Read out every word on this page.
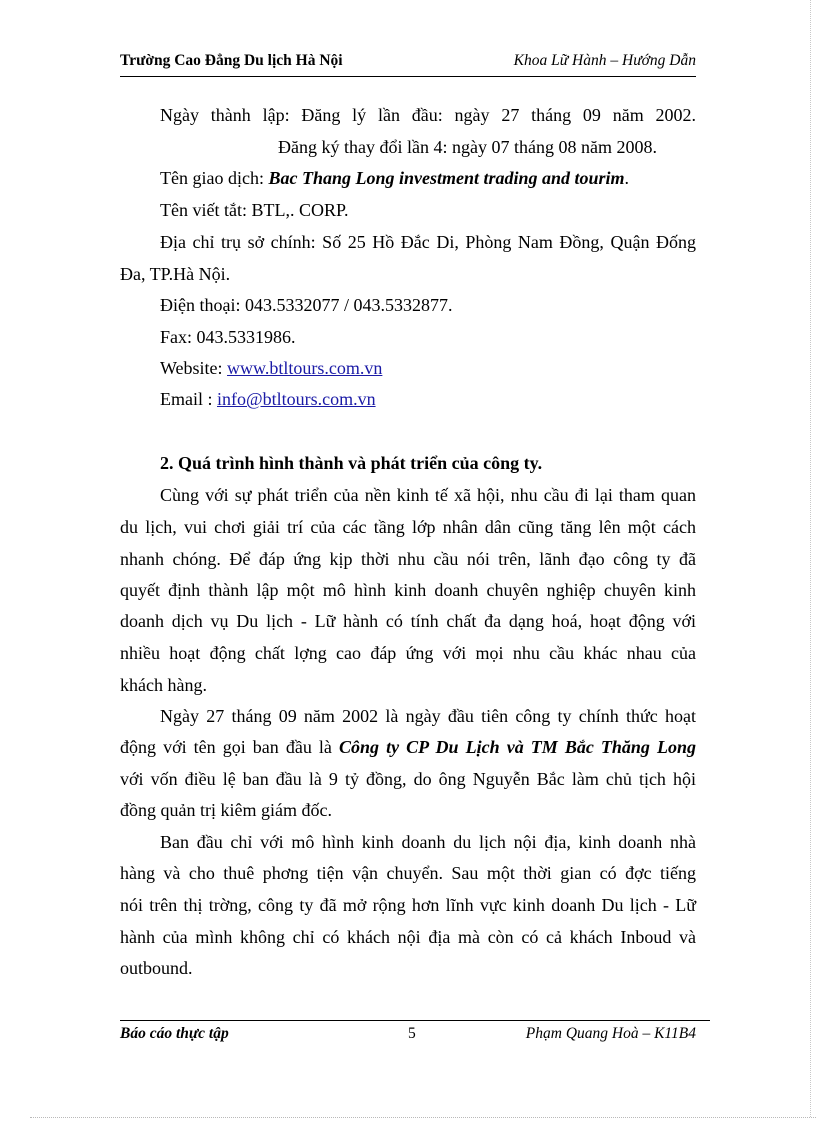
Trường Cao Đẳng Du lịch Hà Nội	Khoa Lữ Hành – Hướng Dẫn
Ngày thành lập: Đăng lý lần đầu: ngày 27 tháng 09 năm 2002.
Đăng ký thay đổi lần 4: ngày 07 tháng 08 năm 2008.
Tên giao dịch: Bac Thang Long investment trading and tourim.
Tên viết tắt: BTL,. CORP.
Địa chỉ trụ sở chính: Số 25 Hồ Đắc Di, Phòng Nam Đồng, Quận Đống
Đa, TP.Hà Nội.
Điện thoại: 043.5332077 / 043.5332877.
Fax: 043.5331986.
Website: www.btltours.com.vn
Email : info@btltours.com.vn
2. Quá trình hình thành và phát triển của công ty.
Cùng với sự phát triển của nền kinh tế xã hội, nhu cầu đi lại tham quan
du lịch, vui chơi giải trí của các tầng lớp nhân dân cũng tăng lên một cách
nhanh chóng. Để đáp ứng kịp thời nhu cầu nói trên, lãnh đạo công ty đã
quyết định thành lập một mô hình kinh doanh chuyên nghiệp chuyên kinh
doanh dịch vụ Du lịch - Lữ hành có tính chất đa dạng hoá, hoạt động với
nhiều hoạt động chất lợng cao đáp ứng với mọi nhu cầu khác nhau của
khách hàng.
Ngày 27 tháng 09 năm 2002 là ngày đầu tiên công ty chính thức hoạt
động với tên gọi ban đầu là Công ty CP Du Lịch và TM Bắc Thăng Long
với vốn điều lệ ban đầu là 9 tỷ đồng, do ông Nguyễn Bắc làm chủ tịch hội
đồng quản trị kiêm giám đốc.
Ban đầu chỉ với mô hình kinh doanh du lịch nội địa, kinh doanh nhà
hàng và cho thuê phơng tiện vận chuyển. Sau một thời gian có đợc tiếng
nói trên thị trờng, công ty đã mở rộng hơn lĩnh vực kinh doanh Du lịch - Lữ
hành của mình không chỉ có khách nội địa mà còn có cả khách Inboud và
outbound.
Báo cáo thực tập	5	Phạm Quang Hoà – K11B4
